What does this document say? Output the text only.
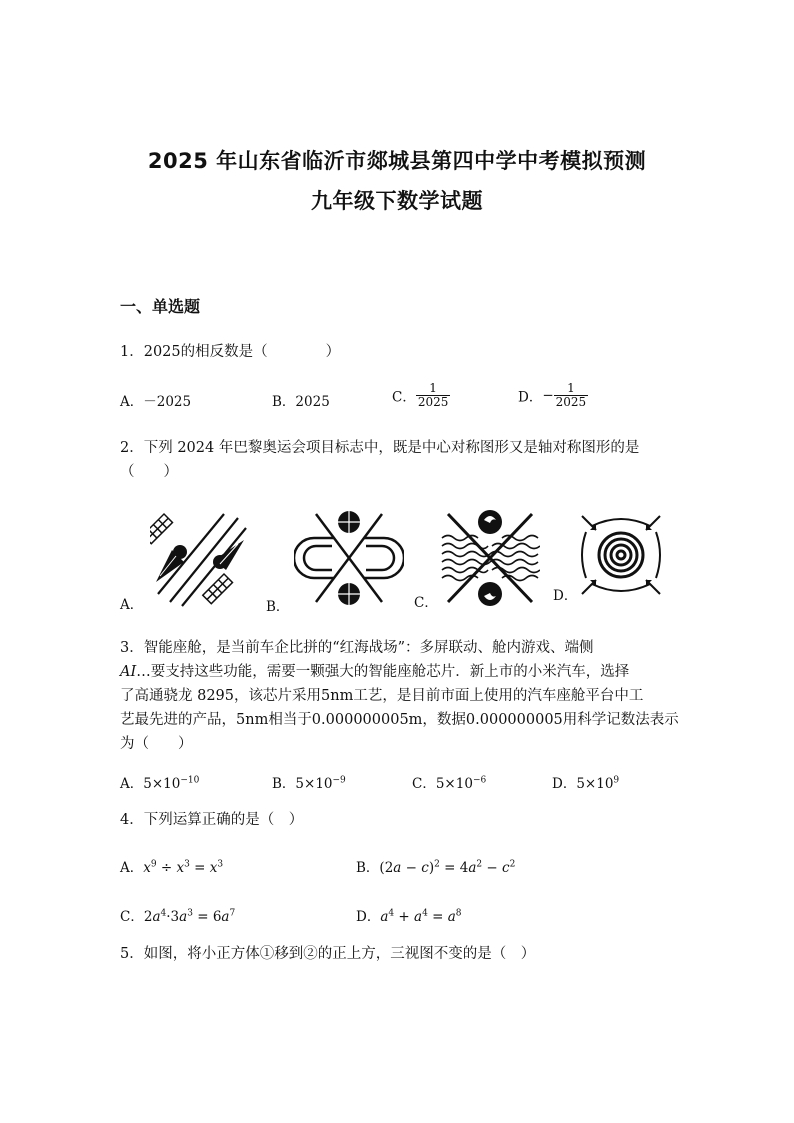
2025 年山东省临沂市郯城县第四中学中考模拟预测
九年级下数学试题
一、单选题
1．2025的相反数是（　　　　）
A．－2025	B．2025	C． $\frac{1}{2025}$	D．− $\frac{1}{2025}$
2．下列 2024 年巴黎奥运会项目标志中，既是中心对称图形又是轴对称图形的是
（　　）
A．	B．	C．	D．
3．智能座舱，是当前车企比拼的“红海战场”：多屏联动、舱内游戏、端侧
AI…要支持这些功能，需要一颗强大的智能座舱芯片．新上市的小米汽车，选择
了高通骁龙 8295，该芯片采用5nm工艺，是目前市面上使用的汽车座舱平台中工
艺最先进的产品，5nm相当于0.000000005m，数据0.000000005用科学记数法表示
为（　　）
A．$5\times 10^{-10}$	B．$5\times 10^{-9}$	C．$5\times 10^{-6}$	D．$5\times 10^9$
4．下列运算正确的是（　）
A．$x^9 \div x^3 = x^3$	B．$(2a - c)^2 = 4a^2 - c^2$
C．$2a^4\cdot 3a^3 = 6a^7$	D．$a^4 + a^4 = a^8$
5．如图，将小正方体①移到②的正上方，三视图不变的是（　）
